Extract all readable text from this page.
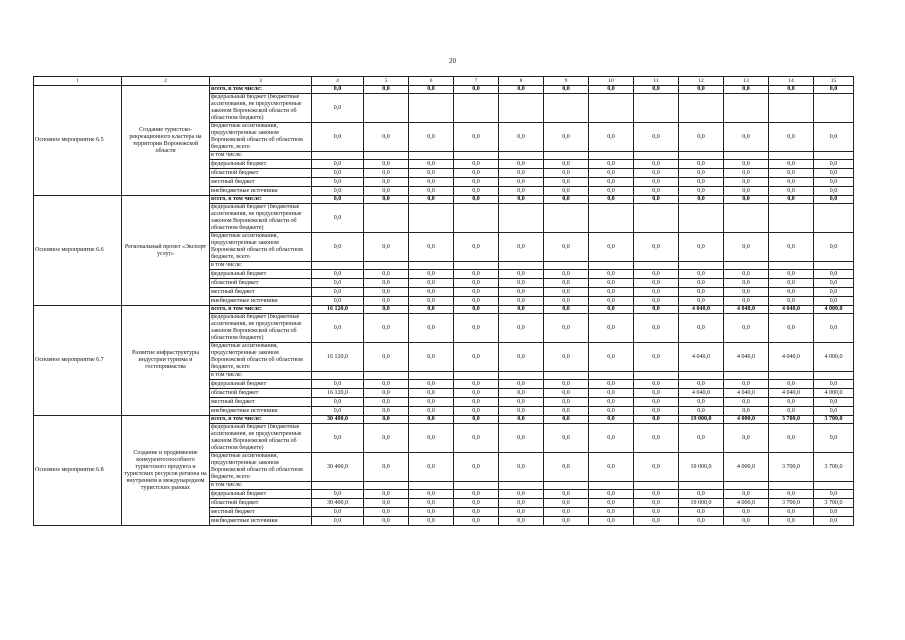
20
1	2	3	4	5	6	7	8	9	10	11	12	13	14	15
Основное мероприятие 6.5	Создание туристско-рекреационного кластера на территории Воронежской области	всего, в том числе:	0,0	0,0	0,0	0,0	0,0	0,0	0,0	0,0	0,0	0,0	0,0	0,0
		федеральный бюджет (бюджетные ассигнования, не предусмотренные законом Воронежской области об областном бюджете)	0,0											
		бюджетные ассигнования, предусмотренные законом Воронежской области об областном бюджете, всего	0,0	0,0	0,0	0,0	0,0	0,0	0,0	0,0	0,0	0,0	0,0	0,0
		в том числе:												
		федеральный бюджет	0,0	0,0	0,0	0,0	0,0	0,0	0,0	0,0	0,0	0,0	0,0	0,0
		областной бюджет	0,0	0,0	0,0	0,0	0,0	0,0	0,0	0,0	0,0	0,0	0,0	0,0
		местный бюджет	0,0	0,0	0,0	0,0	0,0	0,0	0,0	0,0	0,0	0,0	0,0	0,0
		внебюджетные источники	0,0	0,0	0,0	0,0	0,0	0,0	0,0	0,0	0,0	0,0	0,0	0,0
Основное мероприятие 6.6	Региональный проект «Экспорт услуг»	всего, в том числе:	0,0	0,0	0,0	0,0	0,0	0,0	0,0	0,0	0,0	0,0	0,0	0,0
		федеральный бюджет (бюджетные ассигнования, не предусмотренные законом Воронежской области об областном бюджете)	0,0											
		бюджетные ассигнования, предусмотренные законом Воронежской области об областном бюджете, всего	0,0	0,0	0,0	0,0	0,0	0,0	0,0	0,0	0,0	0,0	0,0	0,0
		в том числе:												
		федеральный бюджет	0,0	0,0	0,0	0,0	0,0	0,0	0,0	0,0	0,0	0,0	0,0	0,0
		областной бюджет	0,0	0,0	0,0	0,0	0,0	0,0	0,0	0,0	0,0	0,0	0,0	0,0
		местный бюджет	0,0	0,0	0,0	0,0	0,0	0,0	0,0	0,0	0,0	0,0	0,0	0,0
		внебюджетные источники	0,0	0,0	0,0	0,0	0,0	0,0	0,0	0,0	0,0	0,0	0,0	0,0
Основное мероприятие 6.7	Развитие инфраструктуры индустрии туризма и гостеприимства	всего, в том числе:	16 120,0	0,0	0,0	0,0	0,0	0,0	0,0	0,0	4 040,0	4 040,0	4 040,0	4 000,0
		федеральный бюджет (бюджетные ассигнования, не предусмотренные законом Воронежской области об областном бюджете)	0,0	0,0	0,0	0,0	0,0	0,0	0,0	0,0	0,0	0,0	0,0	0,0
		бюджетные ассигнования, предусмотренные законом Воронежской области об областном бюджете, всего	16 120,0	0,0	0,0	0,0	0,0	0,0	0,0	0,0	4 040,0	4 040,0	4 040,0	4 000,0
		в том числе:												
		федеральный бюджет	0,0	0,0	0,0	0,0	0,0	0,0	0,0	0,0	0,0	0,0	0,0	0,0
		областной бюджет	16 120,0	0,0	0,0	0,0	0,0	0,0	0,0	0,0	4 040,0	4 040,0	4 040,0	4 000,0
		местный бюджет	0,0	0,0	0,0	0,0	0,0	0,0	0,0	0,0	0,0	0,0	0,0	0,0
		внебюджетные источники	0,0	0,0	0,0	0,0	0,0	0,0	0,0	0,0	0,0	0,0	0,0	0,0
Основное мероприятие 6.8	Создание и продвижение конкурентоспособного туристского продукта и туристских ресурсов региона на внутреннем и международном туристских рынках	всего, в том числе:	30 400,0	0,0	0,0	0,0	0,0	0,0	0,0	0,0	19 000,0	4 000,0	3 700,0	3 700,0
		федеральный бюджет (бюджетные ассигнования, не предусмотренные законом Воронежской области об областном бюджете)	0,0	0,0	0,0	0,0	0,0	0,0	0,0	0,0	0,0	0,0	0,0	0,0
		бюджетные ассигнования, предусмотренные законом Воронежской области об областном бюджете, всего	30 400,0	0,0	0,0	0,0	0,0	0,0	0,0	0,0	19 000,0	4 000,0	3 700,0	3 700,0
		в том числе:												
		федеральный бюджет	0,0	0,0	0,0	0,0	0,0	0,0	0,0	0,0	0,0	0,0	0,0	0,0
		областной бюджет	30 400,0	0,0	0,0	0,0	0,0	0,0	0,0	0,0	19 000,0	4 000,0	3 700,0	3 700,0
		местный бюджет	0,0	0,0	0,0	0,0	0,0	0,0	0,0	0,0	0,0	0,0	0,0	0,0
		внебюджетные источники	0,0	0,0	0,0	0,0	0,0	0,0	0,0	0,0	0,0	0,0	0,0	0,0
